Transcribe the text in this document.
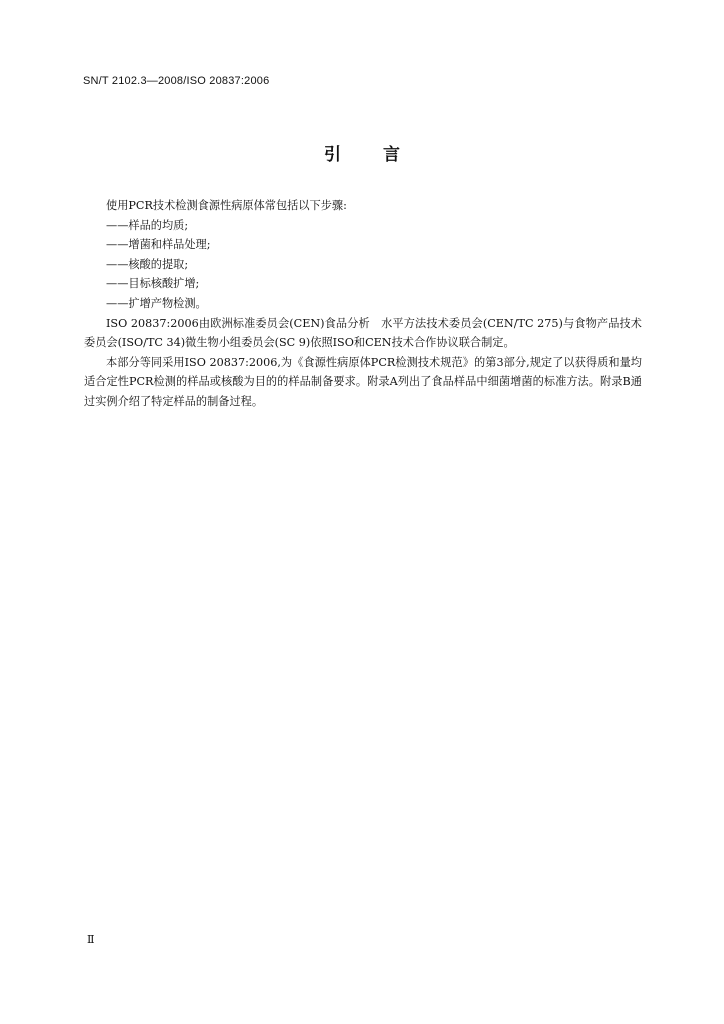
SN/T 2102.3—2008/ISO 20837:2006
引 言

使用PCR技术检测食源性病原体常包括以下步骤:

——样品的均质;

——增菌和样品处理;

——核酸的提取;

——目标核酸扩增;

——扩增产物检测。

ISO 20837:2006由欧洲标准委员会(CEN)食品分析　水平方法技术委员会(CEN/TC 275)与食物产品技术委员会(ISO/TC 34)微生物小组委员会(SC 9)依照ISO和CEN技术合作协议联合制定。

本部分等同采用ISO 20837:2006,为《食源性病原体PCR检测技术规范》的第3部分,规定了以获得质和量均适合定性PCR检测的样品或核酸为目的的样品制备要求。附录A列出了食品样品中细菌增菌的标准方法。附录B通过实例介绍了特定样品的制备过程。

Ⅱ
